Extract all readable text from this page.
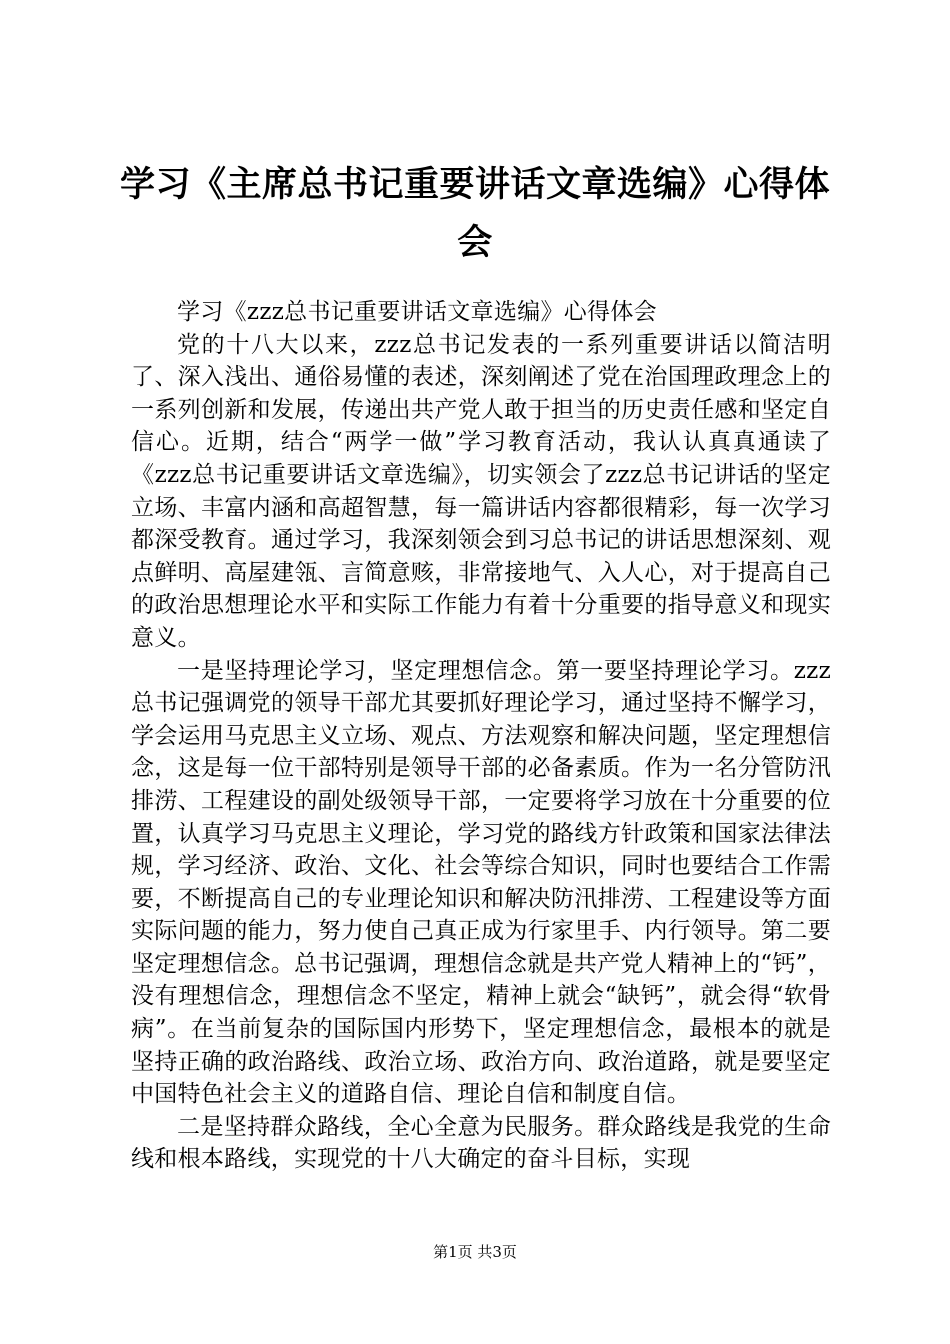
学习《主席总书记重要讲话文章选编》心得体会

学习《zzz总书记重要讲话文章选编》心得体会

党的十八大以来，zzz总书记发表的一系列重要讲话以简洁明了、深入浅出、通俗易懂的表述，深刻阐述了党在治国理政理念上的一系列创新和发展，传递出共产党人敢于担当的历史责任感和坚定自信心。近期，结合“两学一做”学习教育活动，我认认真真通读了《zzz总书记重要讲话文章选编》，切实领会了zzz总书记讲话的坚定立场、丰富内涵和高超智慧，每一篇讲话内容都很精彩，每一次学习都深受教育。通过学习，我深刻领会到习总书记的讲话思想深刻、观点鲜明、高屋建瓴、言简意赅，非常接地气、入人心，对于提高自己的政治思想理论水平和实际工作能力有着十分重要的指导意义和现实意义。

一是坚持理论学习，坚定理想信念。第一要坚持理论学习。zzz总书记强调党的领导干部尤其要抓好理论学习，通过坚持不懈学习，学会运用马克思主义立场、观点、方法观察和解决问题，坚定理想信念，这是每一位干部特别是领导干部的必备素质。作为一名分管防汛排涝、工程建设的副处级领导干部，一定要将学习放在十分重要的位置，认真学习马克思主义理论，学习党的路线方针政策和国家法律法规，学习经济、政治、文化、社会等综合知识，同时也要结合工作需要，不断提高自己的专业理论知识和解决防汛排涝、工程建设等方面实际问题的能力，努力使自己真正成为行家里手、内行领导。第二要坚定理想信念。总书记强调，理想信念就是共产党人精神上的“钙”，没有理想信念，理想信念不坚定，精神上就会“缺钙”，就会得“软骨病”。在当前复杂的国际国内形势下，坚定理想信念，最根本的就是坚持正确的政治路线、政治立场、政治方向、政治道路，就是要坚定中国特色社会主义的道路自信、理论自信和制度自信。

二是坚持群众路线，全心全意为民服务。群众路线是我党的生命线和根本路线，实现党的十八大确定的奋斗目标，实现

第1页 共3页
